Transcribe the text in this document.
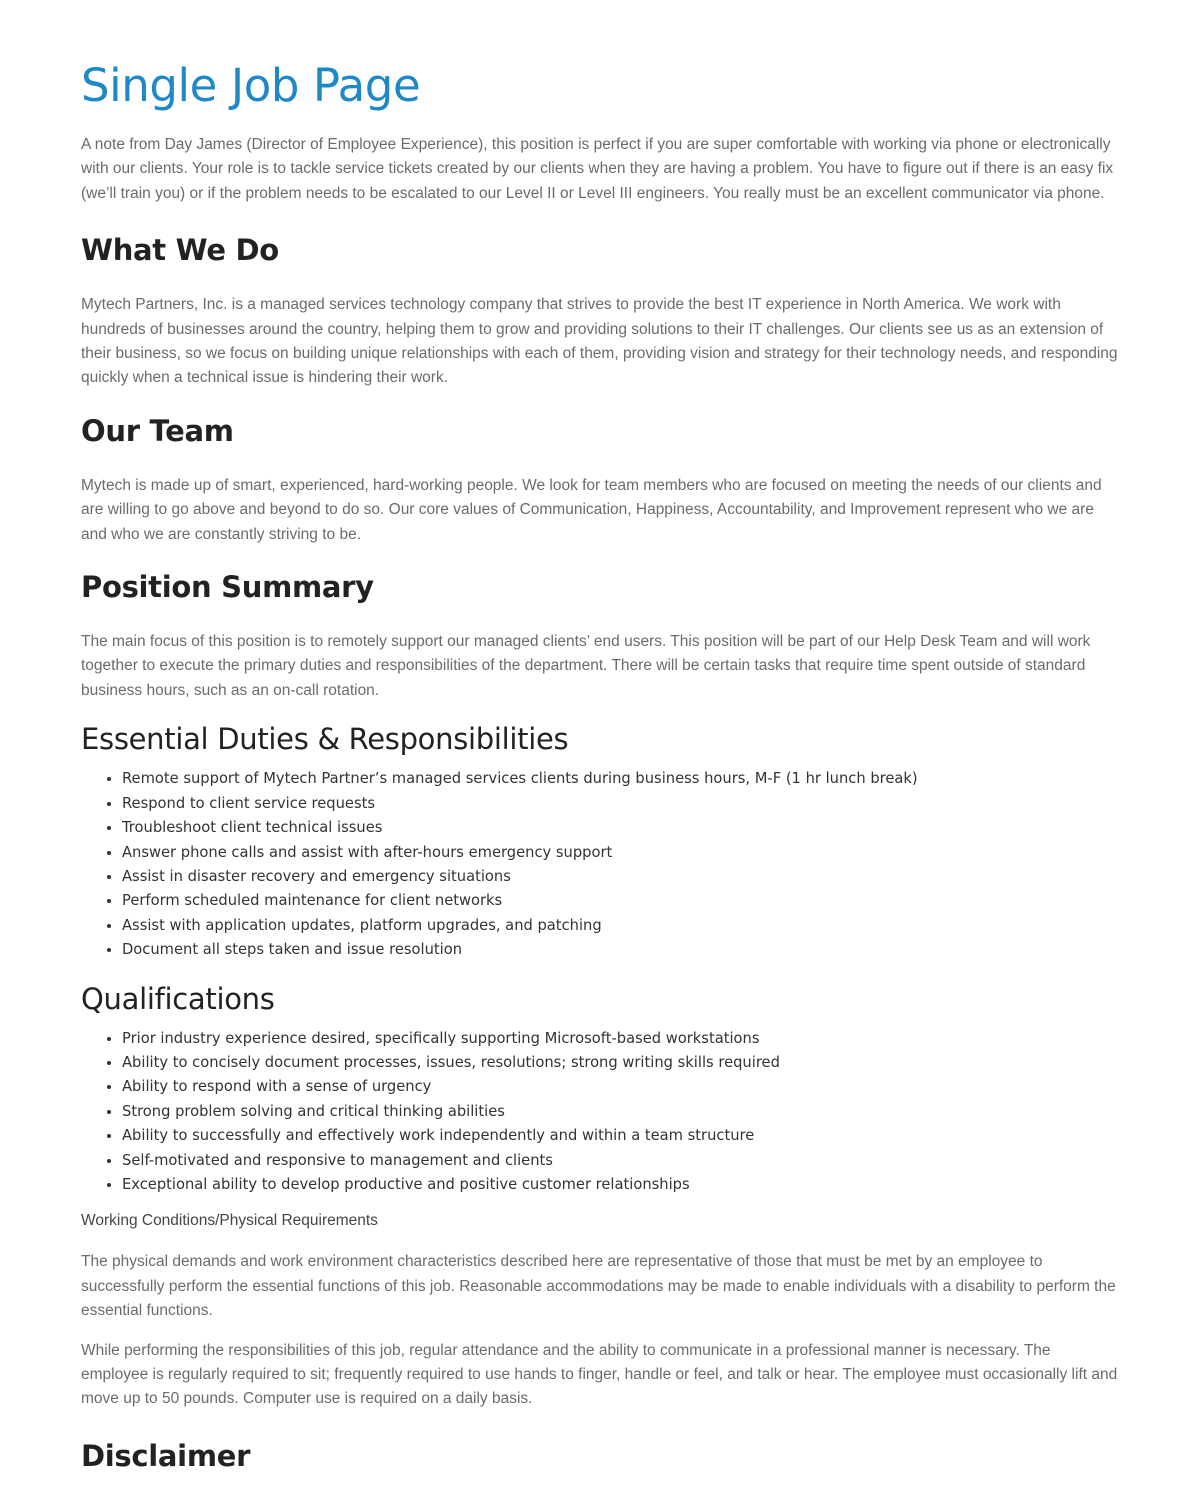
Single Job Page

A note from Day James (Director of Employee Experience), this position is perfect if you are super comfortable with working via phone or electronically with our clients. Your role is to tackle service tickets created by our clients when they are having a problem. You have to figure out if there is an easy fix (we’ll train you) or if the problem needs to be escalated to our Level II or Level III engineers. You really must be an excellent communicator via phone.

What We Do

Mytech Partners, Inc. is a managed services technology company that strives to provide the best IT experience in North America. We work with hundreds of businesses around the country, helping them to grow and providing solutions to their IT challenges. Our clients see us as an extension of their business, so we focus on building unique relationships with each of them, providing vision and strategy for their technology needs, and responding quickly when a technical issue is hindering their work.

Our Team

Mytech is made up of smart, experienced, hard-working people. We look for team members who are focused on meeting the needs of our clients and are willing to go above and beyond to do so. Our core values of Communication, Happiness, Accountability, and Improvement represent who we are and who we are constantly striving to be.

Position Summary

The main focus of this position is to remotely support our managed clients’ end users. This position will be part of our Help Desk Team and will work together to execute the primary duties and responsibilities of the department. There will be certain tasks that require time spent outside of standard business hours, such as an on-call rotation.

Essential Duties & Responsibilities
• Remote support of Mytech Partner’s managed services clients during business hours, M-F (1 hr lunch break)
• Respond to client service requests
• Troubleshoot client technical issues
• Answer phone calls and assist with after-hours emergency support
• Assist in disaster recovery and emergency situations
• Perform scheduled maintenance for client networks
• Assist with application updates, platform upgrades, and patching
• Document all steps taken and issue resolution
Qualifications
• Prior industry experience desired, specifically supporting Microsoft-based workstations
• Ability to concisely document processes, issues, resolutions; strong writing skills required
• Ability to respond with a sense of urgency
• Strong problem solving and critical thinking abilities
• Ability to successfully and effectively work independently and within a team structure
• Self-motivated and responsive to management and clients
• Exceptional ability to develop productive and positive customer relationships
Working Conditions/Physical Requirements

The physical demands and work environment characteristics described here are representative of those that must be met by an employee to successfully perform the essential functions of this job. Reasonable accommodations may be made to enable individuals with a disability to perform the essential functions.

While performing the responsibilities of this job, regular attendance and the ability to communicate in a professional manner is necessary. The employee is regularly required to sit; frequently required to use hands to finger, handle or feel, and talk or hear. The employee must occasionally lift and move up to 50 pounds. Computer use is required on a daily basis.

Disclaimer
